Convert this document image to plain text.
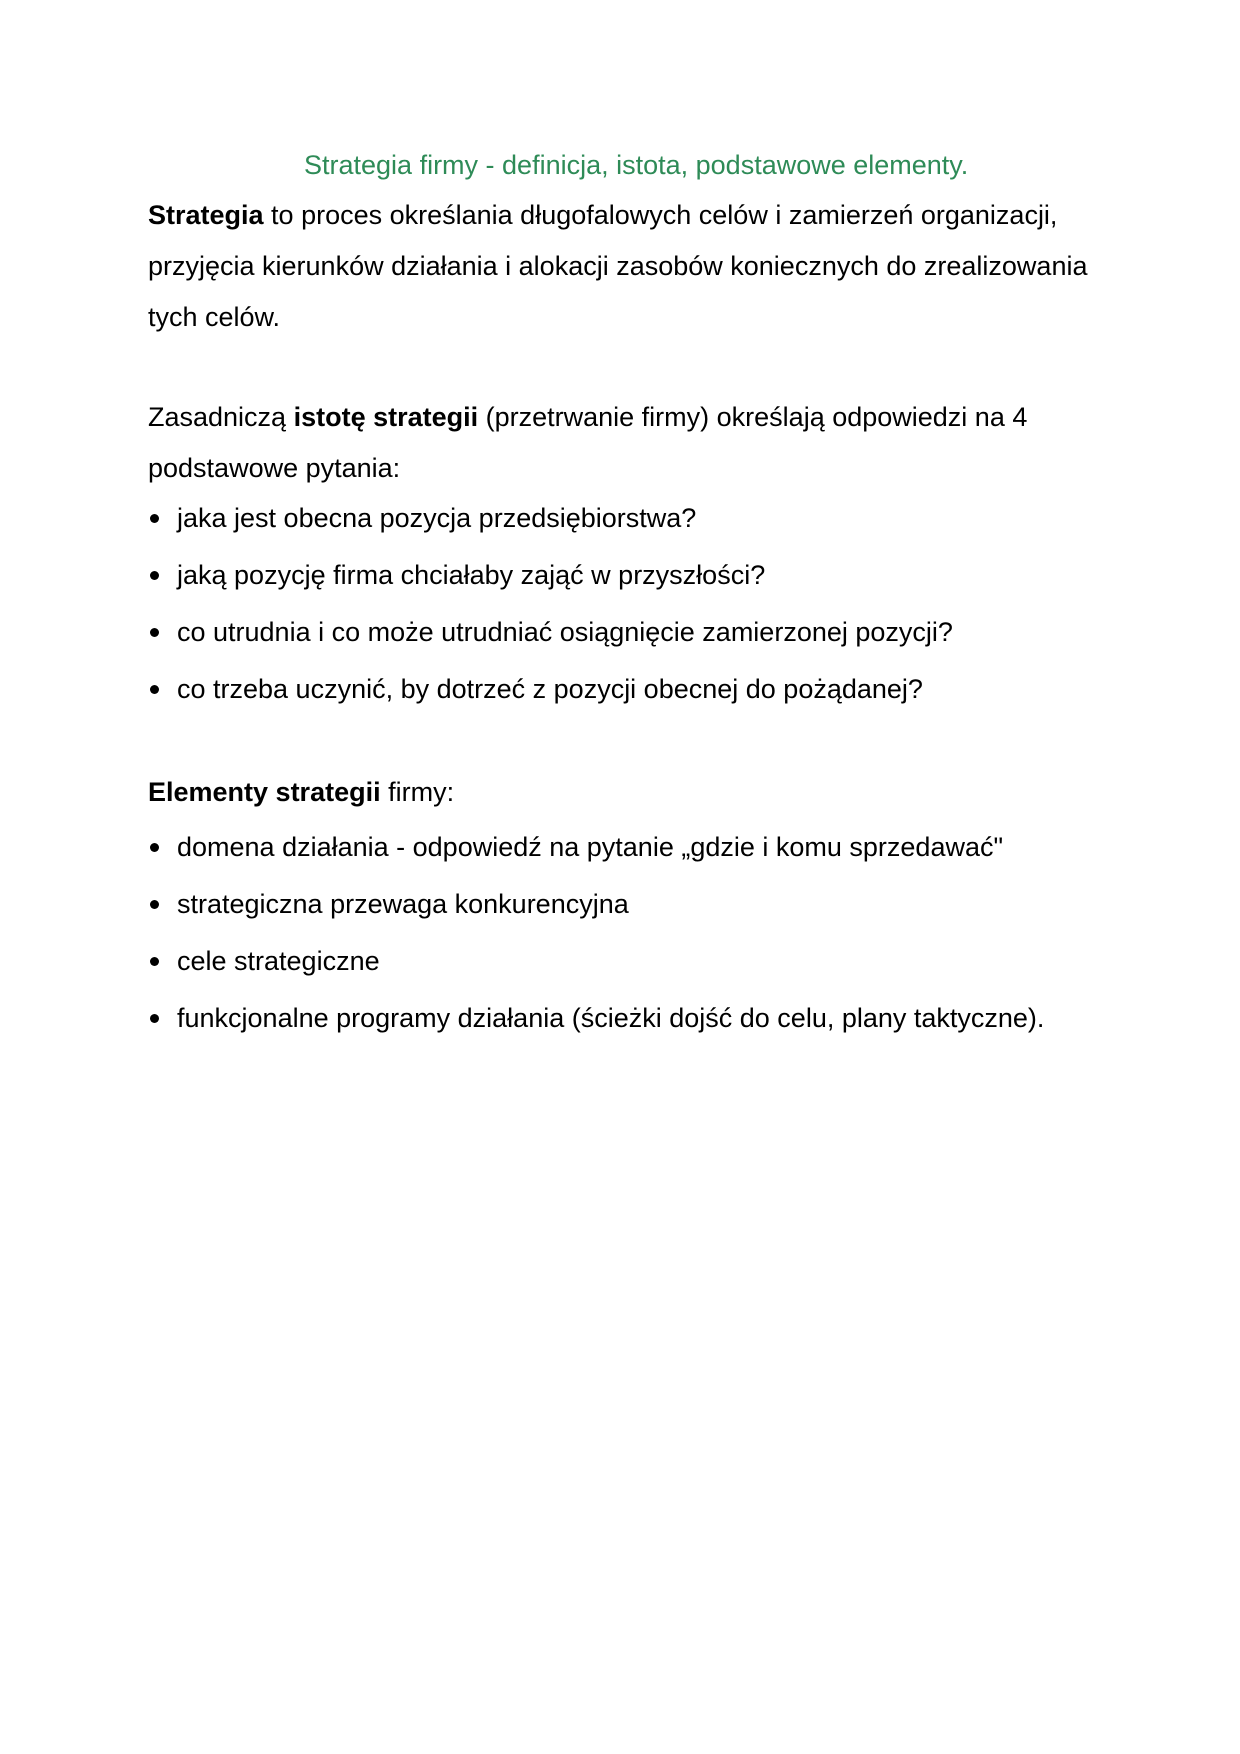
Strategia firmy - definicja, istota, podstawowe elementy.
Strategia to proces określania długofalowych celów i zamierzeń organizacji, przyjęcia kierunków działania i alokacji zasobów koniecznych do zrealizowania tych celów.
Zasadniczą istotę strategii (przetrwanie firmy) określają odpowiedzi na 4 podstawowe pytania:
jaka jest obecna pozycja przedsiębiorstwa?
jaką pozycję firma chciałaby zająć w przyszłości?
co utrudnia i co może utrudniać osiągnięcie zamierzonej pozycji?
co trzeba uczynić, by dotrzeć z pozycji obecnej do pożądanej?
Elementy strategii firmy:
domena działania - odpowiedź na pytanie „gdzie i komu sprzedawać"
strategiczna przewaga konkurencyjna
cele strategiczne
funkcjonalne programy działania (ścieżki dojść do celu, plany taktyczne).
